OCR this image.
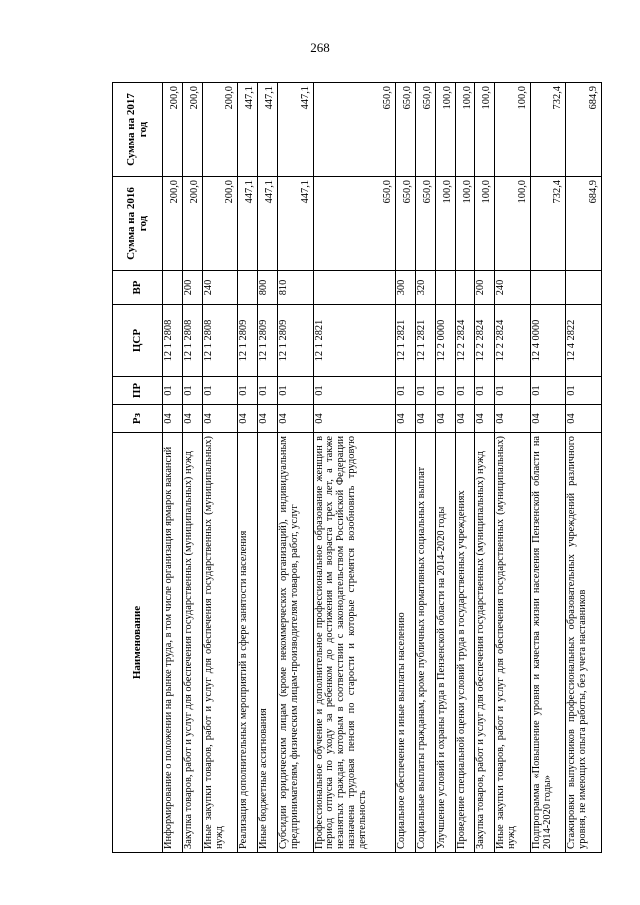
268
Наименование	Рз	ПР	ЦСР	ВР	Сумма на 2016 год	Сумма на 2017 год
Информирование о положении на рынке труда, в том числе организация ярмарок вакансий	04	01	12 1 2808		200,0	200,0
Закупка товаров, работ и услуг для обеспечения государственных (муниципальных) нужд	04	01	12 1 2808	200	200,0	200,0
Иные закупки товаров, работ и услуг для обеспечения государственных (муниципальных) нужд	04	01	12 1 2808	240	200,0	200,0
Реализация дополнительных мероприятий в сфере занятости населения	04	01	12 1 2809		447,1	447,1
Иные бюджетные ассигнования	04	01	12 1 2809	800	447,1	447,1
Субсидии юридическим лицам (кроме некоммерческих организаций), индивидуальным предпринимателям, физическим лицам-производителям товаров, работ, услуг	04	01	12 1 2809	810	447,1	447,1
Профессиональное обучение и дополнительное профессиональное образование женщин в период отпуска по уходу за ребенком до достижения им возраста трех лет, а также незанятых граждан, которым в соответствии с законодательством Российской Федерации назначена трудовая пенсия по старости и которые стремятся возобновить трудовую деятельность	04	01	12 1 2821		650,0	650,0
Социальное обеспечение и иные выплаты населению	04	01	12 1 2821	300	650,0	650,0
Социальные выплаты гражданам, кроме публичных нормативных социальных выплат	04	01	12 1 2821	320	650,0	650,0
Улучшение условий и охраны труда в Пензенской области на 2014-2020 годы	04	01	12 2 0000		100,0	100,0
Проведение специальной оценки условий труда в государственных учреждениях	04	01	12 2 2824		100,0	100,0
Закупка товаров, работ и услуг для обеспечения государственных (муниципальных) нужд	04	01	12 2 2824	200	100,0	100,0
Иные закупки товаров, работ и услуг для обеспечения государственных (муниципальных) нужд	04	01	12 2 2824	240	100,0	100,0
Подпрограмма «Повышение уровня и качества жизни населения Пензенской области на 2014-2020 годы»	04	01	12 4 0000		732,4	732,4
Стажировки выпускников профессиональных образовательных учреждений различного уровня, не имеющих опыта работы, без учета наставников	04	01	12 4 2822		684,9	684,9
